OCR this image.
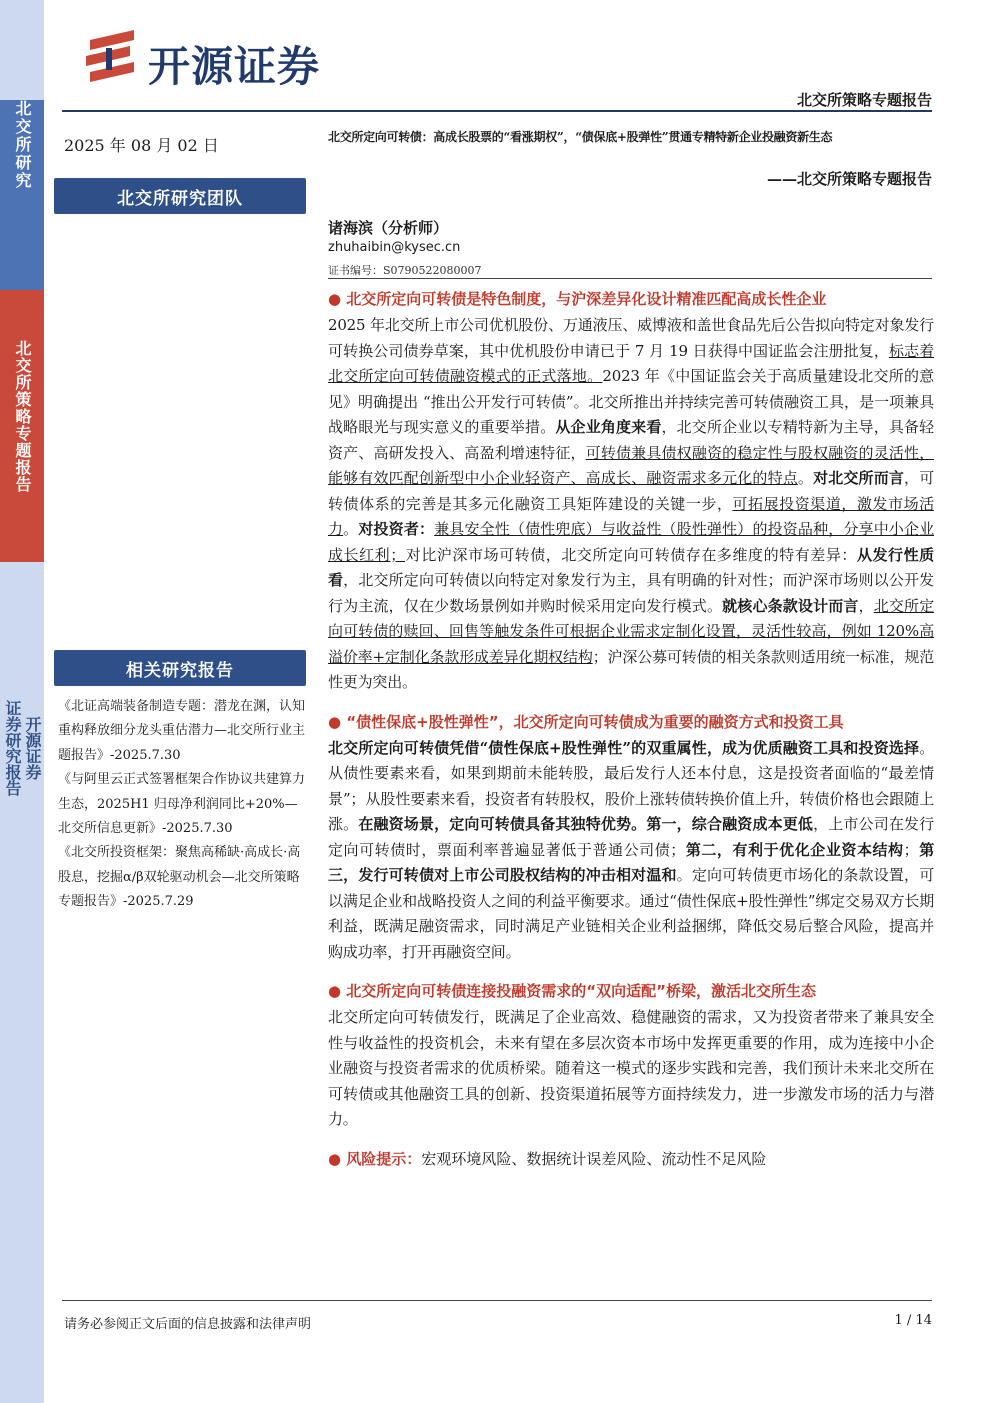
北交所研究
北交所策略专题报告
证券研究报告 开源证券
开源证券
北交所策略专题报告
2025 年 08 月 02 日	北交所定向可转债：高成长股票的“看涨期权”，“债保底+股弹性”贯通专精特新企业投融资新生态
——北交所策略专题报告
北交所研究团队
相关研究报告

《北证高端装备制造专题：潜龙在渊，认知重构释放细分龙头重估潜力—北交所行业主题报告》-2025.7.30

《与阿里云正式签署框架合作协议共建算力生态，2025H1 归母净利润同比+20%—北交所信息更新》-2025.7.30

《北交所投资框架：聚焦高稀缺·高成长·高股息，挖掘α/β双轮驱动机会—北交所策略专题报告》-2025.7.29

诸海滨（分析师）
zhuhaibin@kysec.cn
证书编号：S0790522080007

● 北交所定向可转债是特色制度，与沪深差异化设计精准匹配高成长性企业

2025 年北交所上市公司优机股份、万通液压、威博液和盖世食品先后公告拟向特定对象发行可转换公司债券草案，其中优机股份申请已于 7 月 19 日获得中国证监会注册批复，标志着北交所定向可转债融资模式的正式落地。2023 年《中国证监会关于高质量建设北交所的意见》明确提出 “推出公开发行可转债”。北交所推出并持续完善可转债融资工具，是一项兼具战略眼光与现实意义的重要举措。从企业角度来看，北交所企业以专精特新为主导，具备轻资产、高研发投入、高盈利增速特征，可转债兼具债权融资的稳定性与股权融资的灵活性，能够有效匹配创新型中小企业轻资产、高成长、融资需求多元化的特点。对北交所而言，可转债体系的完善是其多元化融资工具矩阵建设的关键一步，可拓展投资渠道，激发市场活力。对投资者：兼具安全性（债性兜底）与收益性（股性弹性）的投资品种，分享中小企业成长红利；对比沪深市场可转债，北交所定向可转债存在多维度的特有差异：从发行性质看，北交所定向可转债以向特定对象发行为主，具有明确的针对性；而沪深市场则以公开发行为主流，仅在少数场景例如并购时候采用定向发行模式。就核心条款设计而言，北交所定向可转债的赎回、回售等触发条件可根据企业需求定制化设置，灵活性较高，例如 120%高溢价率+定制化条款形成差异化期权结构；沪深公募可转债的相关条款则适用统一标准，规范性更为突出。

● “债性保底+股性弹性”，北交所定向可转债成为重要的融资方式和投资工具

北交所定向可转债凭借“债性保底+股性弹性”的双重属性，成为优质融资工具和投资选择。从债性要素来看，如果到期前未能转股，最后发行人还本付息，这是投资者面临的“最差情景”；从股性要素来看，投资者有转股权，股价上涨转债转换价值上升，转债价格也会跟随上涨。在融资场景，定向可转债具备其独特优势。第一，综合融资成本更低，上市公司在发行定向可转债时，票面利率普遍显著低于普通公司债；第二，有利于优化企业资本结构；第三，发行可转债对上市公司股权结构的冲击相对温和。定向可转债更市场化的条款设置，可以满足企业和战略投资人之间的利益平衡要求。通过“债性保底+股性弹性”绑定交易双方长期利益，既满足融资需求，同时满足产业链相关企业利益捆绑，降低交易后整合风险，提高并购成功率，打开再融资空间。

● 北交所定向可转债连接投融资需求的“双向适配”桥梁，激活北交所生态

北交所定向可转债发行，既满足了企业高效、稳健融资的需求，又为投资者带来了兼具安全性与收益性的投资机会，未来有望在多层次资本市场中发挥更重要的作用，成为连接中小企业融资与投资者需求的优质桥梁。随着这一模式的逐步实践和完善，我们预计未来北交所在可转债或其他融资工具的创新、投资渠道拓展等方面持续发力，进一步激发市场的活力与潜力。

● 风险提示：宏观环境风险、数据统计误差风险、流动性不足风险

请务必参阅正文后面的信息披露和法律声明	1 / 14
